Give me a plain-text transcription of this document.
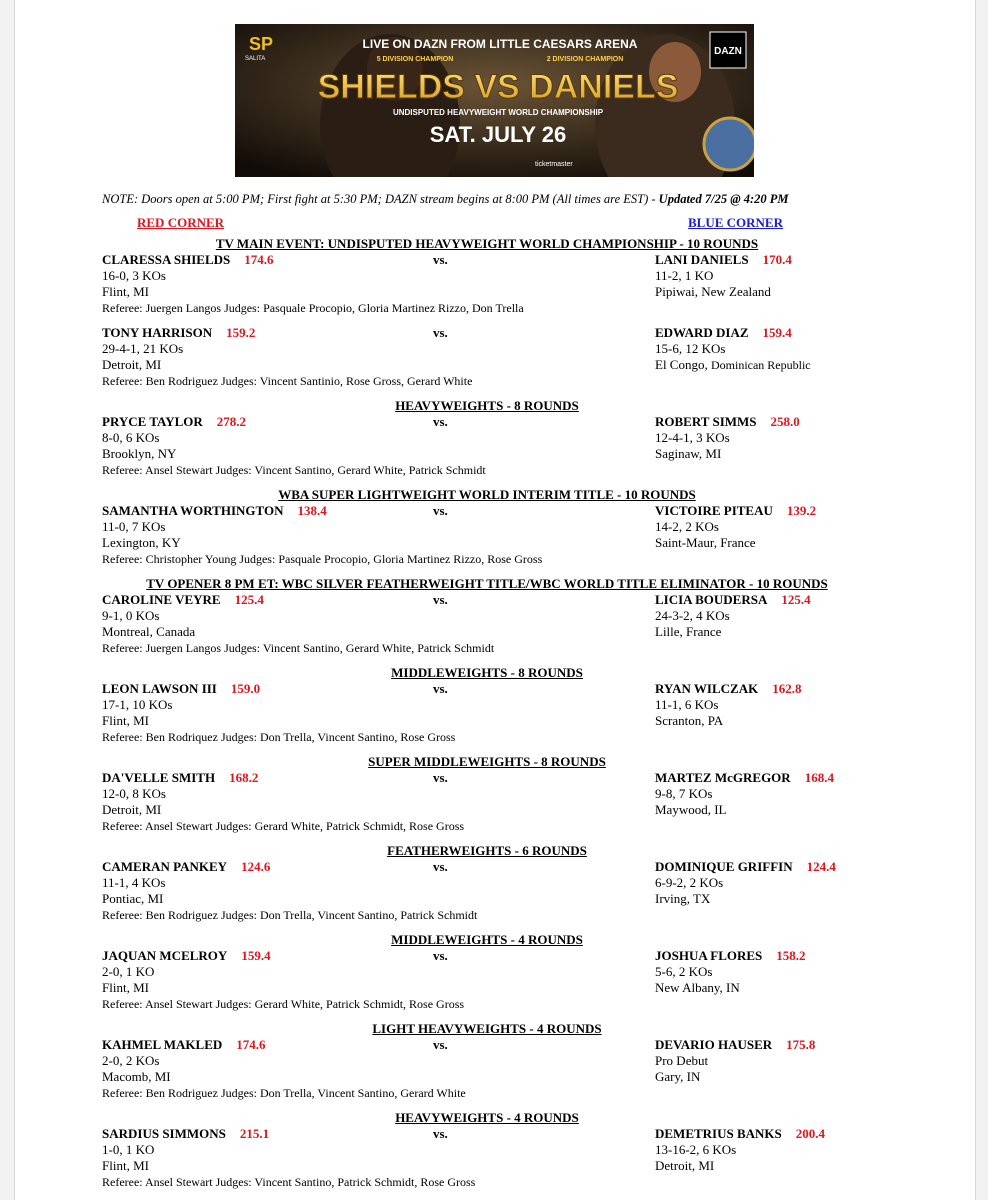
SP
SALITA
DAZN
LIVE ON DAZN FROM LITTLE CAESARS ARENA
5 DIVISION CHAMPION	2 DIVISION CHAMPION
SHIELDS VS DANIELS
UNDISPUTED HEAVYWEIGHT WORLD CHAMPIONSHIP
SAT. JULY 26
ticketmaster
NOTE: Doors open at 5:00 PM; First fight at 5:30 PM; DAZN stream begins at 8:00 PM (All times are EST) - Updated 7/25 @ 4:20 PM
RED CORNER	BLUE CORNER
TV MAIN EVENT: UNDISPUTED HEAVYWEIGHT WORLD CHAMPIONSHIP - 10 ROUNDS
CLARESSA SHIELDS 174.6	vs.	LANI DANIELS 170.4
16-0, 3 KOs	11-2, 1 KO
Flint, MI	Pipiwai, New Zealand
Referee: Juergen Langos Judges: Pasquale Procopio, Gloria Martinez Rizzo, Don Trella
TONY HARRISON 159.2	vs.	EDWARD DIAZ 159.4
29-4-1, 21 KOs	15-6, 12 KOs
Detroit, MI	El Congo, Dominican Republic
Referee: Ben Rodriguez Judges: Vincent Santinio, Rose Gross, Gerard White
HEAVYWEIGHTS - 8 ROUNDS
PRYCE TAYLOR 278.2	vs.	ROBERT SIMMS 258.0
8-0, 6 KOs	12-4-1, 3 KOs
Brooklyn, NY	Saginaw, MI
Referee: Ansel Stewart Judges: Vincent Santino, Gerard White, Patrick Schmidt
WBA SUPER LIGHTWEIGHT WORLD INTERIM TITLE - 10 ROUNDS
SAMANTHA WORTHINGTON 138.4	vs.	VICTOIRE PITEAU 139.2
11-0, 7 KOs	14-2, 2 KOs
Lexington, KY	Saint-Maur, France
Referee: Christopher Young Judges: Pasquale Procopio, Gloria Martinez Rizzo, Rose Gross
TV OPENER 8 PM ET: WBC SILVER FEATHERWEIGHT TITLE/WBC WORLD TITLE ELIMINATOR - 10 ROUNDS
CAROLINE VEYRE 125.4	vs.	LICIA BOUDERSA 125.4
9-1, 0 KOs	24-3-2, 4 KOs
Montreal, Canada	Lille, France
Referee: Juergen Langos Judges: Vincent Santino, Gerard White, Patrick Schmidt
MIDDLEWEIGHTS - 8 ROUNDS
LEON LAWSON III 159.0	vs.	RYAN WILCZAK 162.8
17-1, 10 KOs	11-1, 6 KOs
Flint, MI	Scranton, PA
Referee: Ben Rodriquez Judges: Don Trella, Vincent Santino, Rose Gross
SUPER MIDDLEWEIGHTS - 8 ROUNDS
DA'VELLE SMITH 168.2	vs.	MARTEZ McGREGOR 168.4
12-0, 8 KOs	9-8, 7 KOs
Detroit, MI	Maywood, IL
Referee: Ansel Stewart Judges: Gerard White, Patrick Schmidt, Rose Gross
FEATHERWEIGHTS - 6 ROUNDS
CAMERAN PANKEY 124.6	vs.	DOMINIQUE GRIFFIN 124.4
11-1, 4 KOs	6-9-2, 2 KOs
Pontiac, MI	Irving, TX
Referee: Ben Rodriguez Judges: Don Trella, Vincent Santino, Patrick Schmidt
MIDDLEWEIGHTS - 4 ROUNDS
JAQUAN MCELROY 159.4	vs.	JOSHUA FLORES 158.2
2-0, 1 KO	5-6, 2 KOs
Flint, MI	New Albany, IN
Referee: Ansel Stewart Judges: Gerard White, Patrick Schmidt, Rose Gross
LIGHT HEAVYWEIGHTS - 4 ROUNDS
KAHMEL MAKLED 174.6	vs.	DEVARIO HAUSER 175.8
2-0, 2 KOs	Pro Debut
Macomb, MI	Gary, IN
Referee: Ben Rodriguez Judges: Don Trella, Vincent Santino, Gerard White
HEAVYWEIGHTS - 4 ROUNDS
SARDIUS SIMMONS 215.1	vs.	DEMETRIUS BANKS 200.4
1-0, 1 KO	13-16-2, 6 KOs
Flint, MI	Detroit, MI
Referee: Ansel Stewart Judges: Vincent Santino, Patrick Schmidt, Rose Gross
